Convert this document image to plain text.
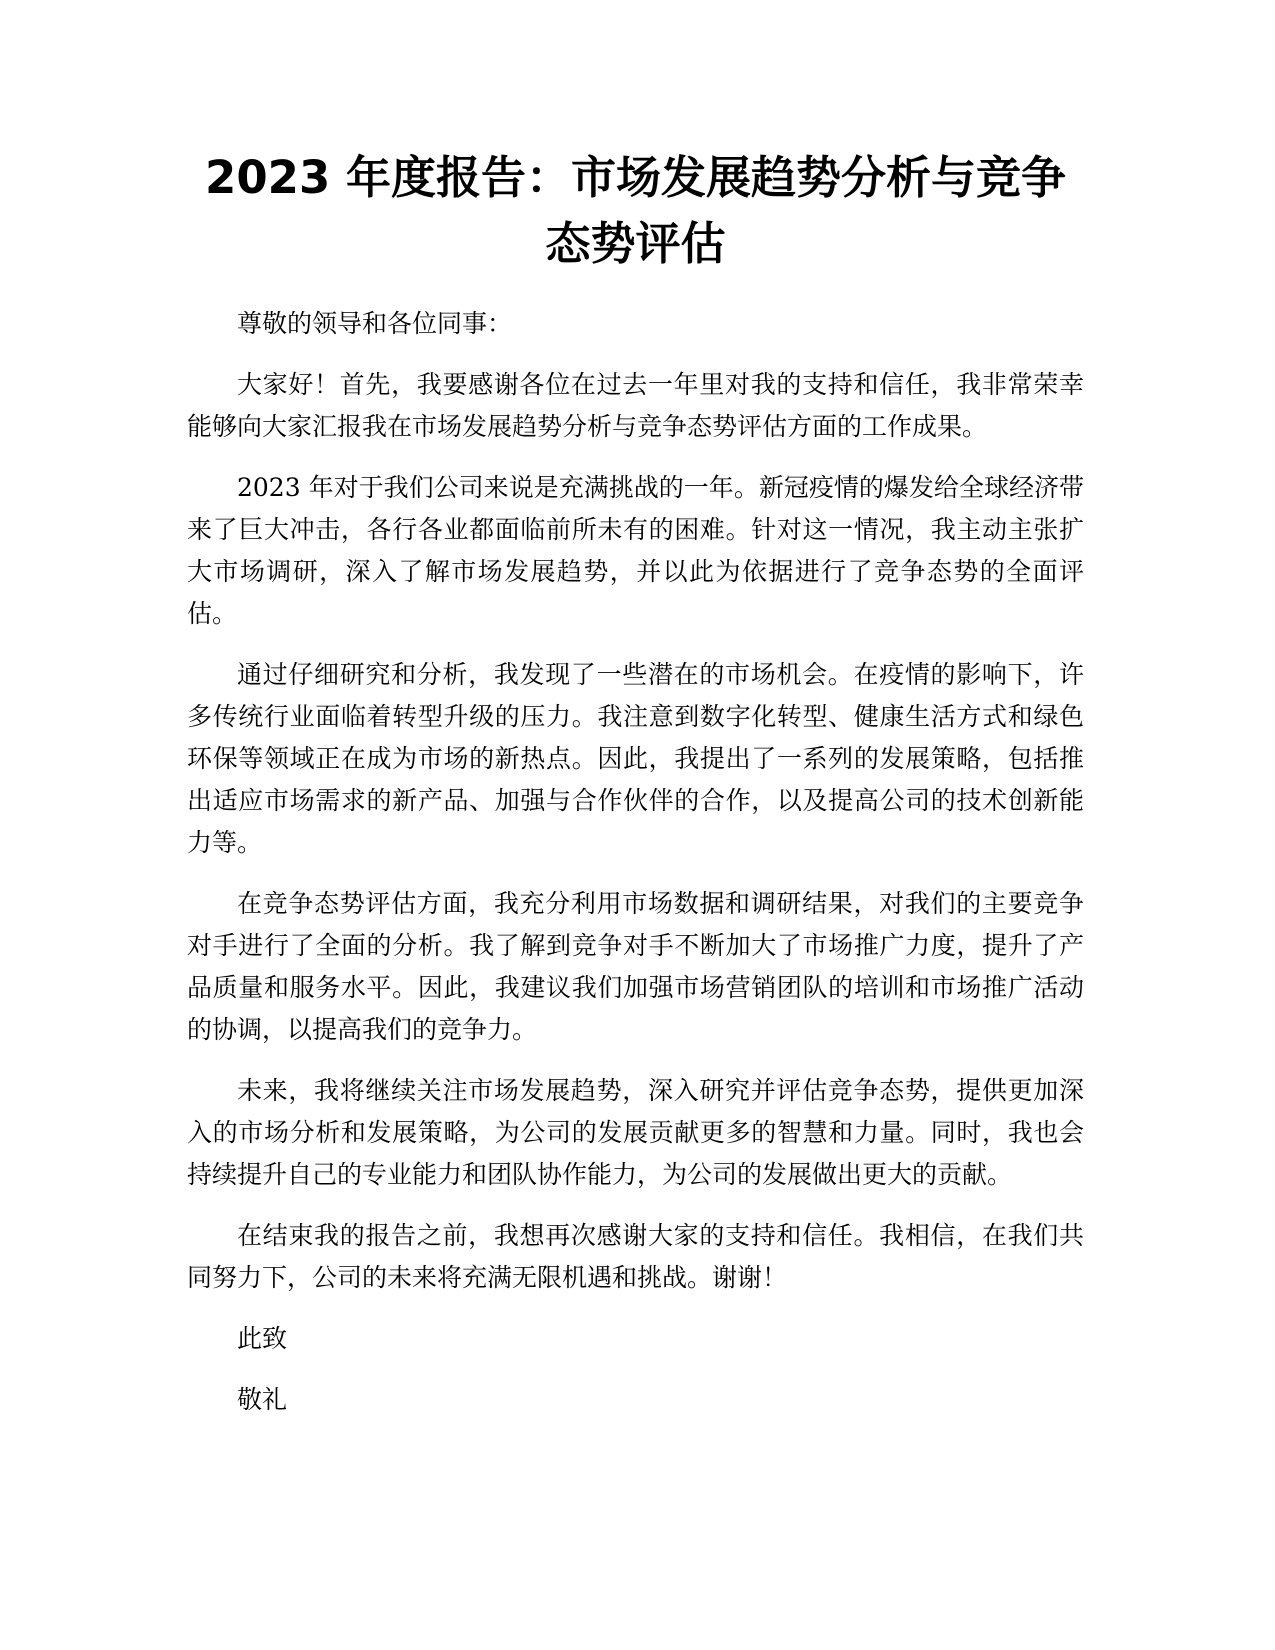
2023 年度报告：市场发展趋势分析与竞争态势评估

尊敬的领导和各位同事：

大家好！首先，我要感谢各位在过去一年里对我的支持和信任，我非常荣幸能够向大家汇报我在市场发展趋势分析与竞争态势评估方面的工作成果。

2023 年对于我们公司来说是充满挑战的一年。新冠疫情的爆发给全球经济带来了巨大冲击，各行各业都面临前所未有的困难。针对这一情况，我主动主张扩大市场调研，深入了解市场发展趋势，并以此为依据进行了竞争态势的全面评估。

通过仔细研究和分析，我发现了一些潜在的市场机会。在疫情的影响下，许多传统行业面临着转型升级的压力。我注意到数字化转型、健康生活方式和绿色环保等领域正在成为市场的新热点。因此，我提出了一系列的发展策略，包括推出适应市场需求的新产品、加强与合作伙伴的合作，以及提高公司的技术创新能力等。

在竞争态势评估方面，我充分利用市场数据和调研结果，对我们的主要竞争对手进行了全面的分析。我了解到竞争对手不断加大了市场推广力度，提升了产品质量和服务水平。因此，我建议我们加强市场营销团队的培训和市场推广活动的协调，以提高我们的竞争力。

未来，我将继续关注市场发展趋势，深入研究并评估竞争态势，提供更加深入的市场分析和发展策略，为公司的发展贡献更多的智慧和力量。同时，我也会持续提升自己的专业能力和团队协作能力，为公司的发展做出更大的贡献。

在结束我的报告之前，我想再次感谢大家的支持和信任。我相信，在我们共同努力下，公司的未来将充满无限机遇和挑战。谢谢！

此致

敬礼
